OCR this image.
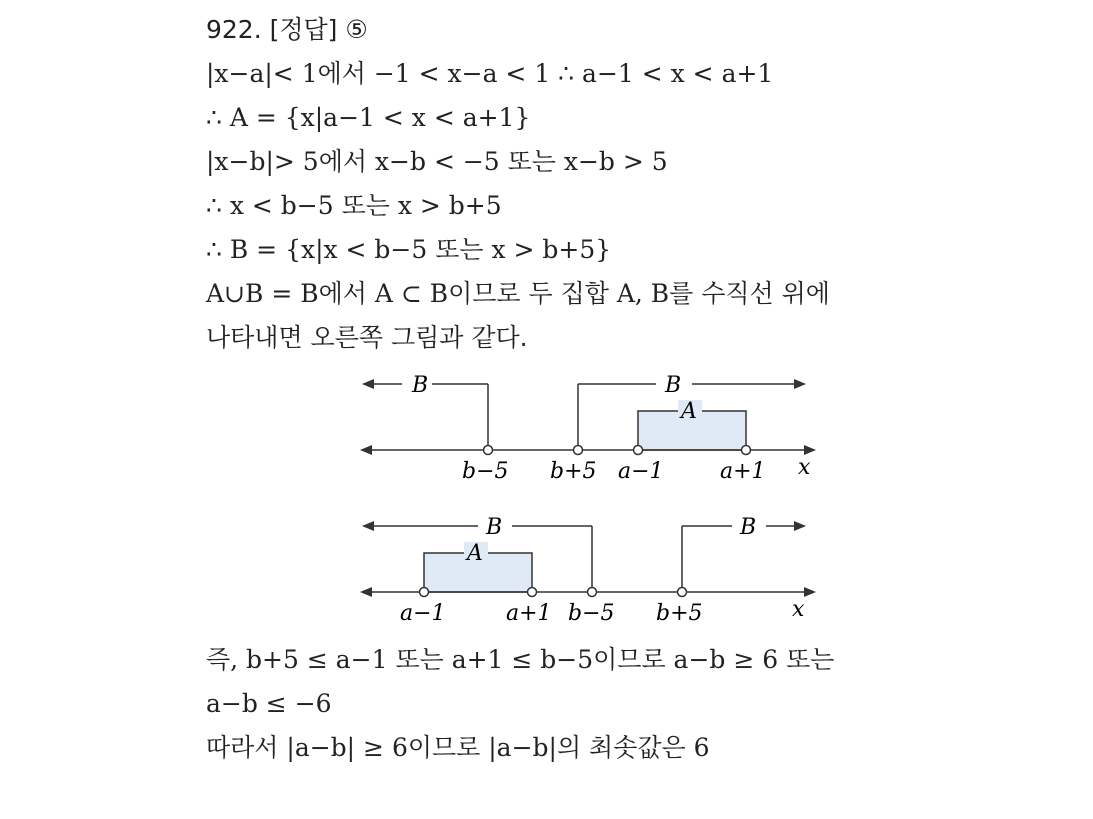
922. [정답] ⑤
|x−a|< 1에서 −1 < x−a < 1 ∴ a−1 < x < a+1
∴ A = {x|a−1 < x < a+1}
|x−b|> 5에서 x−b < −5 또는 x−b > 5
∴ x < b−5 또는 x > b+5
∴ B = {x|x < b−5 또는 x > b+5}
A∪B = B에서 A ⊂ B이므로 두 집합 A, B를 수직선 위에
나타내면 오른쪽 그림과 같다.
B	B
A
b−5 b+5 a−1	a+1 x
B	B
A
a−1	a+1 b−5 b+5	x
즉, b+5 ≤ a−1 또는 a+1 ≤ b−5이므로 a−b ≥ 6 또는
a−b ≤ −6
따라서 |a−b| ≥ 6이므로 |a−b|의 최솟값은 6
